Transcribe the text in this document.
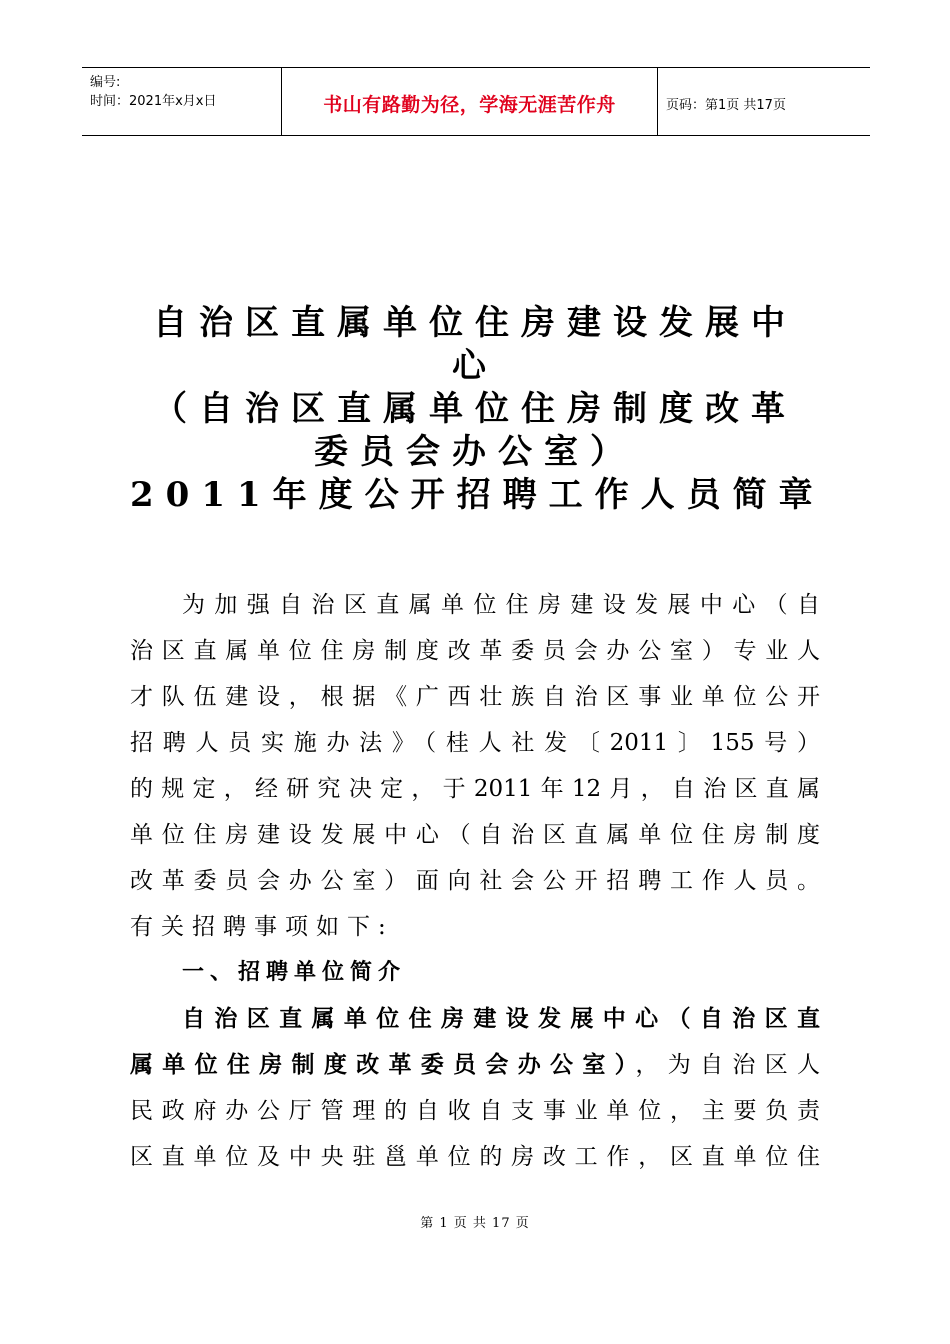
编号:
时间：2021年x月x日	书山有路勤为径，学海无涯苦作舟	页码：第1页 共17页
自治区直属单位住房建设发展中
心
（自治区直属单位住房制度改革
委员会办公室）
2011年度公开招聘工作人员简章
为加强自治区直属单位住房建设发展中心（自
治区直属单位住房制度改革委员会办公室）专业人
才队伍建设，根据《广西壮族自治区事业单位公开
招聘人员实施办法》（桂人社发〔2011〕155号）
的规定，经研究决定，于2011年12月，自治区直属
单位住房建设发展中心（自治区直属单位住房制度
改革委员会办公室）面向社会公开招聘工作人员。
有关招聘事项如下:
一、招聘单位简介
自治区直属单位住房建设发展中心（自治区直
属单位住房制度改革委员会办公室），为自治区人
民政府办公厅管理的自收自支事业单位，主要负责
区直单位及中央驻邕单位的房改工作，区直单位住
第 1 页 共 17 页
